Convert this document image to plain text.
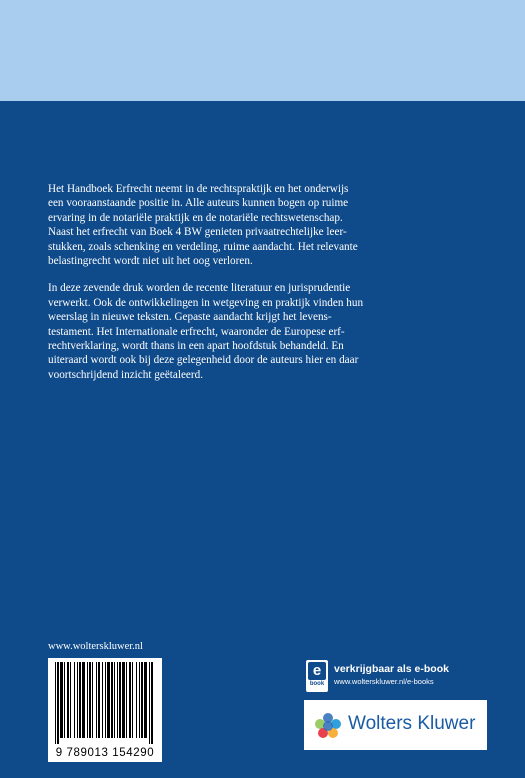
Het Handboek Erfrecht neemt in de rechtspraktijk en het onderwijs
een vooraanstaande positie in. Alle auteurs kunnen bogen op ruime
ervaring in de notariële praktijk en de notariële rechtswetenschap.
Naast het erfrecht van Boek 4 BW genieten privaatrechtelijke leer-
stukken, zoals schenking en verdeling, ruime aandacht. Het relevante
belastingrecht wordt niet uit het oog verloren.

In deze zevende druk worden de recente literatuur en jurisprudentie
verwerkt. Ook de ontwikkelingen in wetgeving en praktijk vinden hun
weerslag in nieuwe teksten. Gepaste aandacht krijgt het levens-
testament. Het Internationale erfrecht, waaronder de Europese erf-
rechtverklaring, wordt thans in een apart hoofdstuk behandeld. En
uiteraard wordt ook bij deze gelegenheid door de auteurs hier en daar
voortschrijdend inzicht geëtaleerd.

www.wolterskluwer.nl
9 789013 154290
e
book
verkrijgbaar als e-book
www.wolterskluwer.nl/e-books
Wolters Kluwer
